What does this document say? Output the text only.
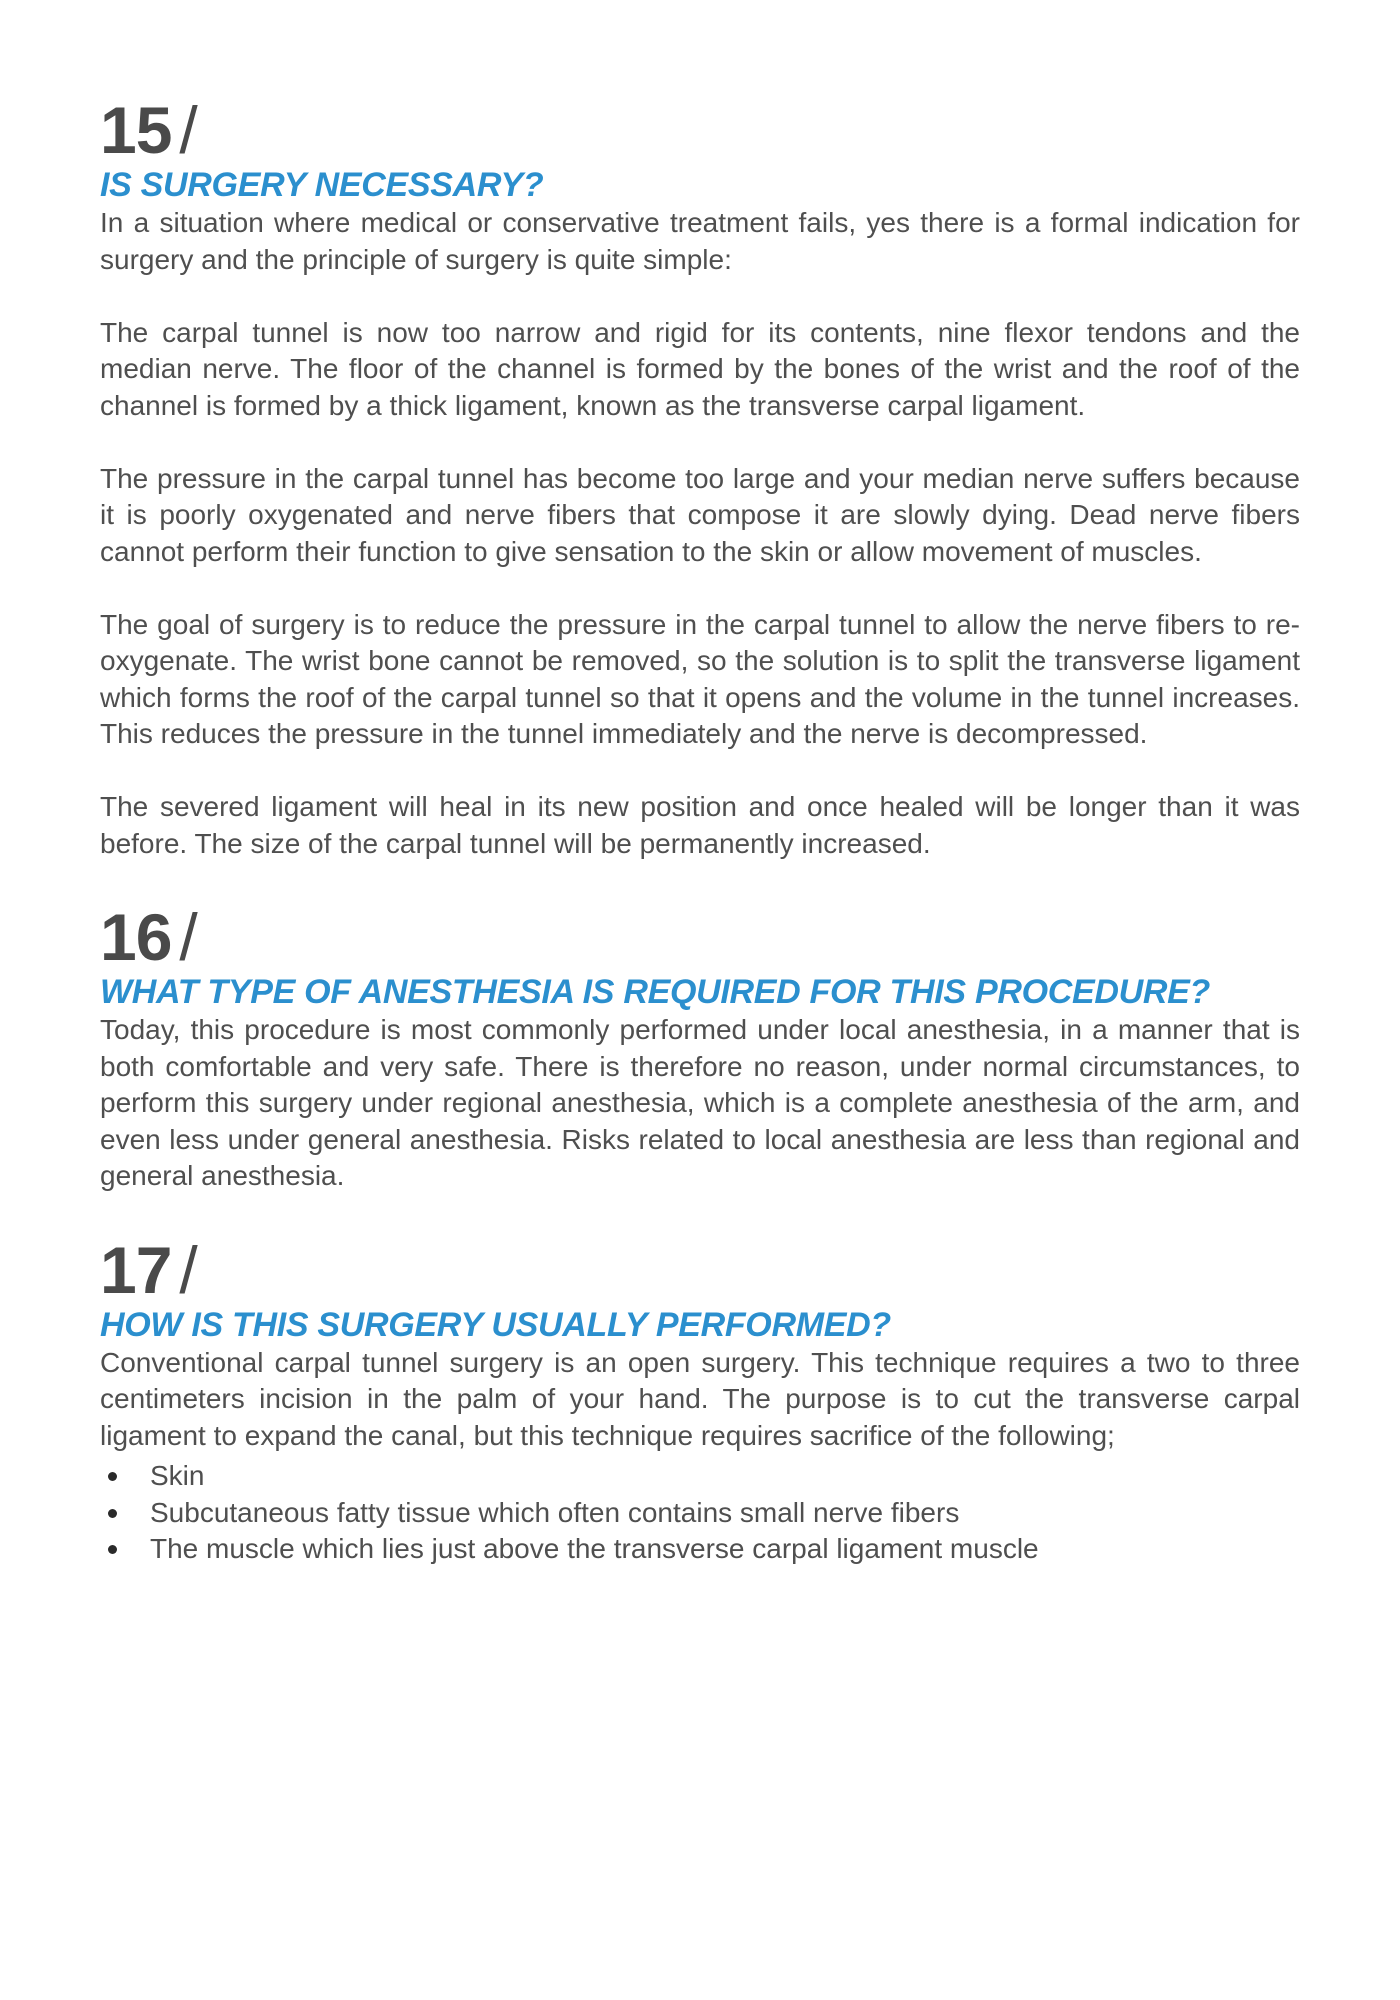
15 /
IS SURGERY NECESSARY?

In a situation where medical or conservative treatment fails, yes there is a formal indication for surgery and the principle of surgery is quite simple:

The carpal tunnel is now too narrow and rigid for its contents, nine flexor tendons and the median nerve. The floor of the channel is formed by the bones of the wrist and the roof of the channel is formed by a thick ligament, known as the transverse carpal ligament.

The pressure in the carpal tunnel has become too large and your median nerve suffers because it is poorly oxygenated and nerve fibers that compose it are slowly dying. Dead nerve fibers cannot perform their function to give sensation to the skin or allow movement of muscles.

The goal of surgery is to reduce the pressure in the carpal tunnel to allow the nerve fibers to re-oxygenate. The wrist bone cannot be removed, so the solution is to split the transverse ligament which forms the roof of the carpal tunnel so that it opens and the volume in the tunnel increases. This reduces the pressure in the tunnel immediately and the nerve is decompressed.

The severed ligament will heal in its new position and once healed will be longer than it was before. The size of the carpal tunnel will be permanently increased.

16 /
WHAT TYPE OF ANESTHESIA IS REQUIRED FOR THIS PROCEDURE?

Today, this procedure is most commonly performed under local anesthesia, in a manner that is both comfortable and very safe. There is therefore no reason, under normal circumstances, to perform this surgery under regional anesthesia, which is a complete anesthesia of the arm, and even less under general anesthesia. Risks related to local anesthesia are less than regional and general anesthesia.

17 /
HOW IS THIS SURGERY USUALLY PERFORMED?

Conventional carpal tunnel surgery is an open surgery. This technique requires a two to three centimeters incision in the palm of your hand. The purpose is to cut the transverse carpal ligament to expand the canal, but this technique requires sacrifice of the following;

Skin
Subcutaneous fatty tissue which often contains small nerve fibers
The muscle which lies just above the transverse carpal ligament muscle
